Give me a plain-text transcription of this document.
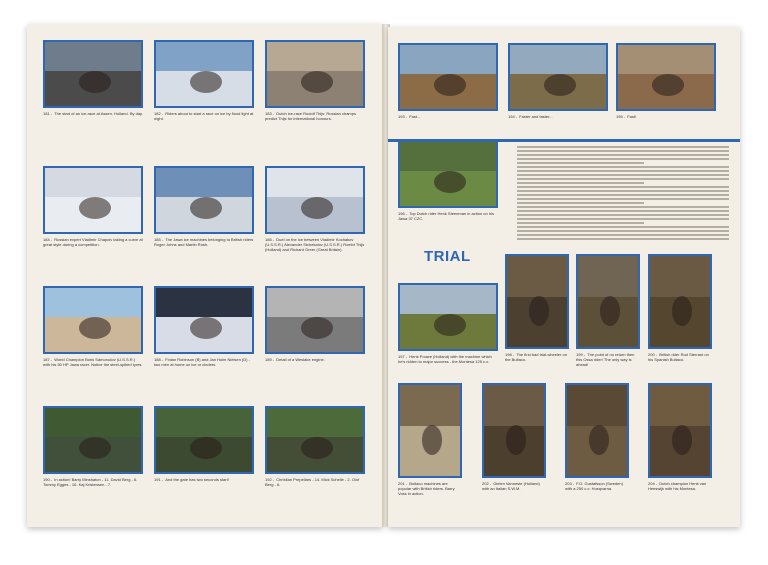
TRIAL
181 - The start of an ice-race at Assen, Holland. By day.	182 - Riders about to start a race on ice by flood light at night.
183 - Dutch ice-race Rudolf Thijs: Russian champs predict Thijs for international honours.
184 - Russian expert Vladimir Chapoiv taking a curve at great style during a competition.
185 - The Jawa ice machines belonging to British riders Roger Johns and Martin Rush.
186 - Duel on the ice between Vladimir Kochakov (U.S.S.R.) Alexander Stchekalov (U.S.S.R.) Roelof Thijs (Holland) and Richard Greer (Great Britain).
187 - World Champion Boris Samorodov (U.S.S.R.) with his 50 HP Jawa racer. Notice the steel-spiked tyres.
188 - Finlan Robinson (B) and Jan Holm Nielsen (D) - two men at home on ice or cinders.
189 - Detail of a Weslake engine.
190 - In action! Barry Minshaton - 11. David Berg - 6. Tommy Egges - 16. Kaj Kristensen - 7.
191 - And the gate has two seconds start!	192 - Christian Prepellars - 14. Mick Schelle - 2. Olof Berg - 6.
193 - Fast...	194 - Faster and faster...	195 - Fast!
196 - Top Dutch rider Henk Steenman in action on his Jawa 37 CZC.
197 - Henk Pouwe (Holland) with the machine which he's ridden to major success - the Montesa 125 c.c.
198 - The first bad trial-wheeler on the Bultaco.
199 - The point of no return then this Ossa rider! The only way is ahead!
200 - British rider Rod Sterrant on his Spanish Bultaco.
201 - Bultaco machines are popular with British riders. Barry Voss in action.
202 - Gielen Vanneste (Holland) with an Italian S.W.M.
203 - F.D. Gustafsson (Sweden) with a 250 c.c. Husqvarna.
204 - Dutch champion Henk van Heeswijk with his Montesa.
